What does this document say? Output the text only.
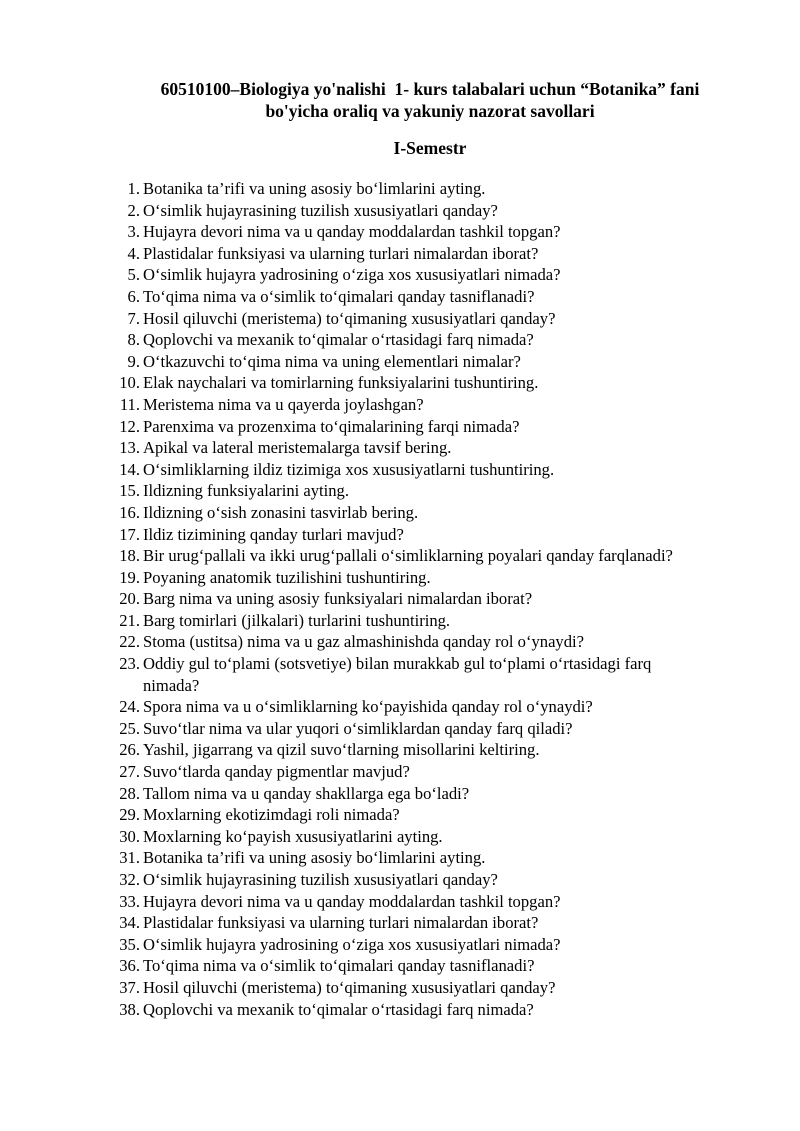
60510100–Biologiya yo'nalishi  1- kurs talabalari uchun “Botanika” fani
bo'yicha oraliq va yakuniy nazorat savollari
I-Semestr
1. Botanika ta’rifi va uning asosiy bo‘limlarini ayting.
2. O‘simlik hujayrasining tuzilish xususiyatlari qanday?
3. Hujayra devori nima va u qanday moddalardan tashkil topgan?
4. Plastidalar funksiyasi va ularning turlari nimalardan iborat?
5. O‘simlik hujayra yadrosining o‘ziga xos xususiyatlari nimada?
6. To‘qima nima va o‘simlik to‘qimalari qanday tasniflanadi?
7. Hosil qiluvchi (meristema) to‘qimaning xususiyatlari qanday?
8. Qoplovchi va mexanik to‘qimalar o‘rtasidagi farq nimada?
9. O‘tkazuvchi to‘qima nima va uning elementlari nimalar?
10. Elak naychalari va tomirlarning funksiyalarini tushuntiring.
11. Meristema nima va u qayerda joylashgan?
12. Parenxima va prozenxima to‘qimalarining farqi nimada?
13. Apikal va lateral meristemalarga tavsif bering.
14. O‘simliklarning ildiz tizimiga xos xususiyatlarni tushuntiring.
15. Ildizning funksiyalarini ayting.
16. Ildizning o‘sish zonasini tasvirlab bering.
17. Ildiz tizimining qanday turlari mavjud?
18. Bir urug‘pallali va ikki urug‘pallali o‘simliklarning poyalari qanday farqlanadi?
19. Poyaning anatomik tuzilishini tushuntiring.
20. Barg nima va uning asosiy funksiyalari nimalardan iborat?
21. Barg tomirlari (jilkalari) turlarini tushuntiring.
22. Stoma (ustitsa) nima va u gaz almashinishda qanday rol o‘ynaydi?
23. Oddiy gul to‘plami (sotsvetiye) bilan murakkab gul to‘plami o‘rtasidagi farq nimada?
24. Spora nima va u o‘simliklarning ko‘payishida qanday rol o‘ynaydi?
25. Suvo‘tlar nima va ular yuqori o‘simliklardan qanday farq qiladi?
26. Yashil, jigarrang va qizil suvo‘tlarning misollarini keltiring.
27. Suvo‘tlarda qanday pigmentlar mavjud?
28. Tallom nima va u qanday shakllarga ega bo‘ladi?
29. Moxlarning ekotizimdagi roli nimada?
30. Moxlarning ko‘payish xususiyatlarini ayting.
31. Botanika ta’rifi va uning asosiy bo‘limlarini ayting.
32. O‘simlik hujayrasining tuzilish xususiyatlari qanday?
33. Hujayra devori nima va u qanday moddalardan tashkil topgan?
34. Plastidalar funksiyasi va ularning turlari nimalardan iborat?
35. O‘simlik hujayra yadrosining o‘ziga xos xususiyatlari nimada?
36. To‘qima nima va o‘simlik to‘qimalari qanday tasniflanadi?
37. Hosil qiluvchi (meristema) to‘qimaning xususiyatlari qanday?
38. Qoplovchi va mexanik to‘qimalar o‘rtasidagi farq nimada?
